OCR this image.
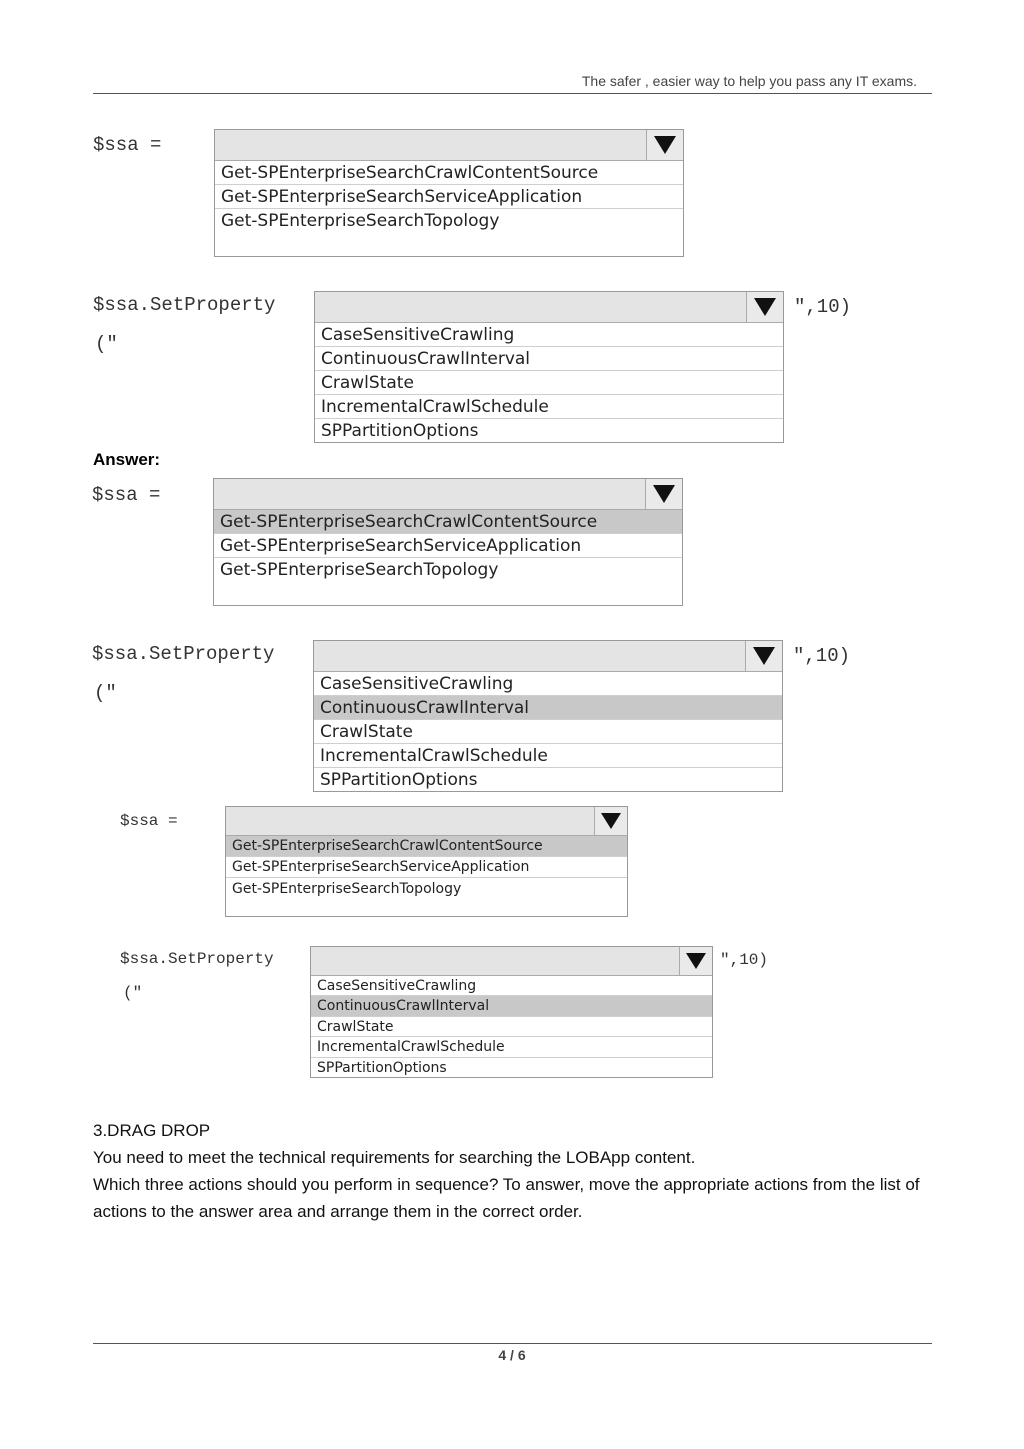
The safer , easier way to help you pass any IT exams.
$ssa =
Get-SPEnterpriseSearchCrawlContentSource
Get-SPEnterpriseSearchServiceApplication
Get-SPEnterpriseSearchTopology
$ssa.SetProperty
("
",10)
CaseSensitiveCrawling
ContinuousCrawlInterval
CrawlState
IncrementalCrawlSchedule
SPPartitionOptions
Answer:
$ssa =
Get-SPEnterpriseSearchCrawlContentSource
Get-SPEnterpriseSearchServiceApplication
Get-SPEnterpriseSearchTopology
$ssa.SetProperty
("
",10)
CaseSensitiveCrawling
ContinuousCrawlInterval
CrawlState
IncrementalCrawlSchedule
SPPartitionOptions
$ssa =
Get-SPEnterpriseSearchCrawlContentSource
Get-SPEnterpriseSearchServiceApplication
Get-SPEnterpriseSearchTopology
$ssa.SetProperty
("
",10)
CaseSensitiveCrawling
ContinuousCrawlInterval
CrawlState
IncrementalCrawlSchedule
SPPartitionOptions
3.DRAG DROP
You need to meet the technical requirements for searching the LOBApp content.
Which three actions should you perform in sequence? To answer, move the appropriate actions from the list of actions to the answer area and arrange them in the correct order.
4 / 6
